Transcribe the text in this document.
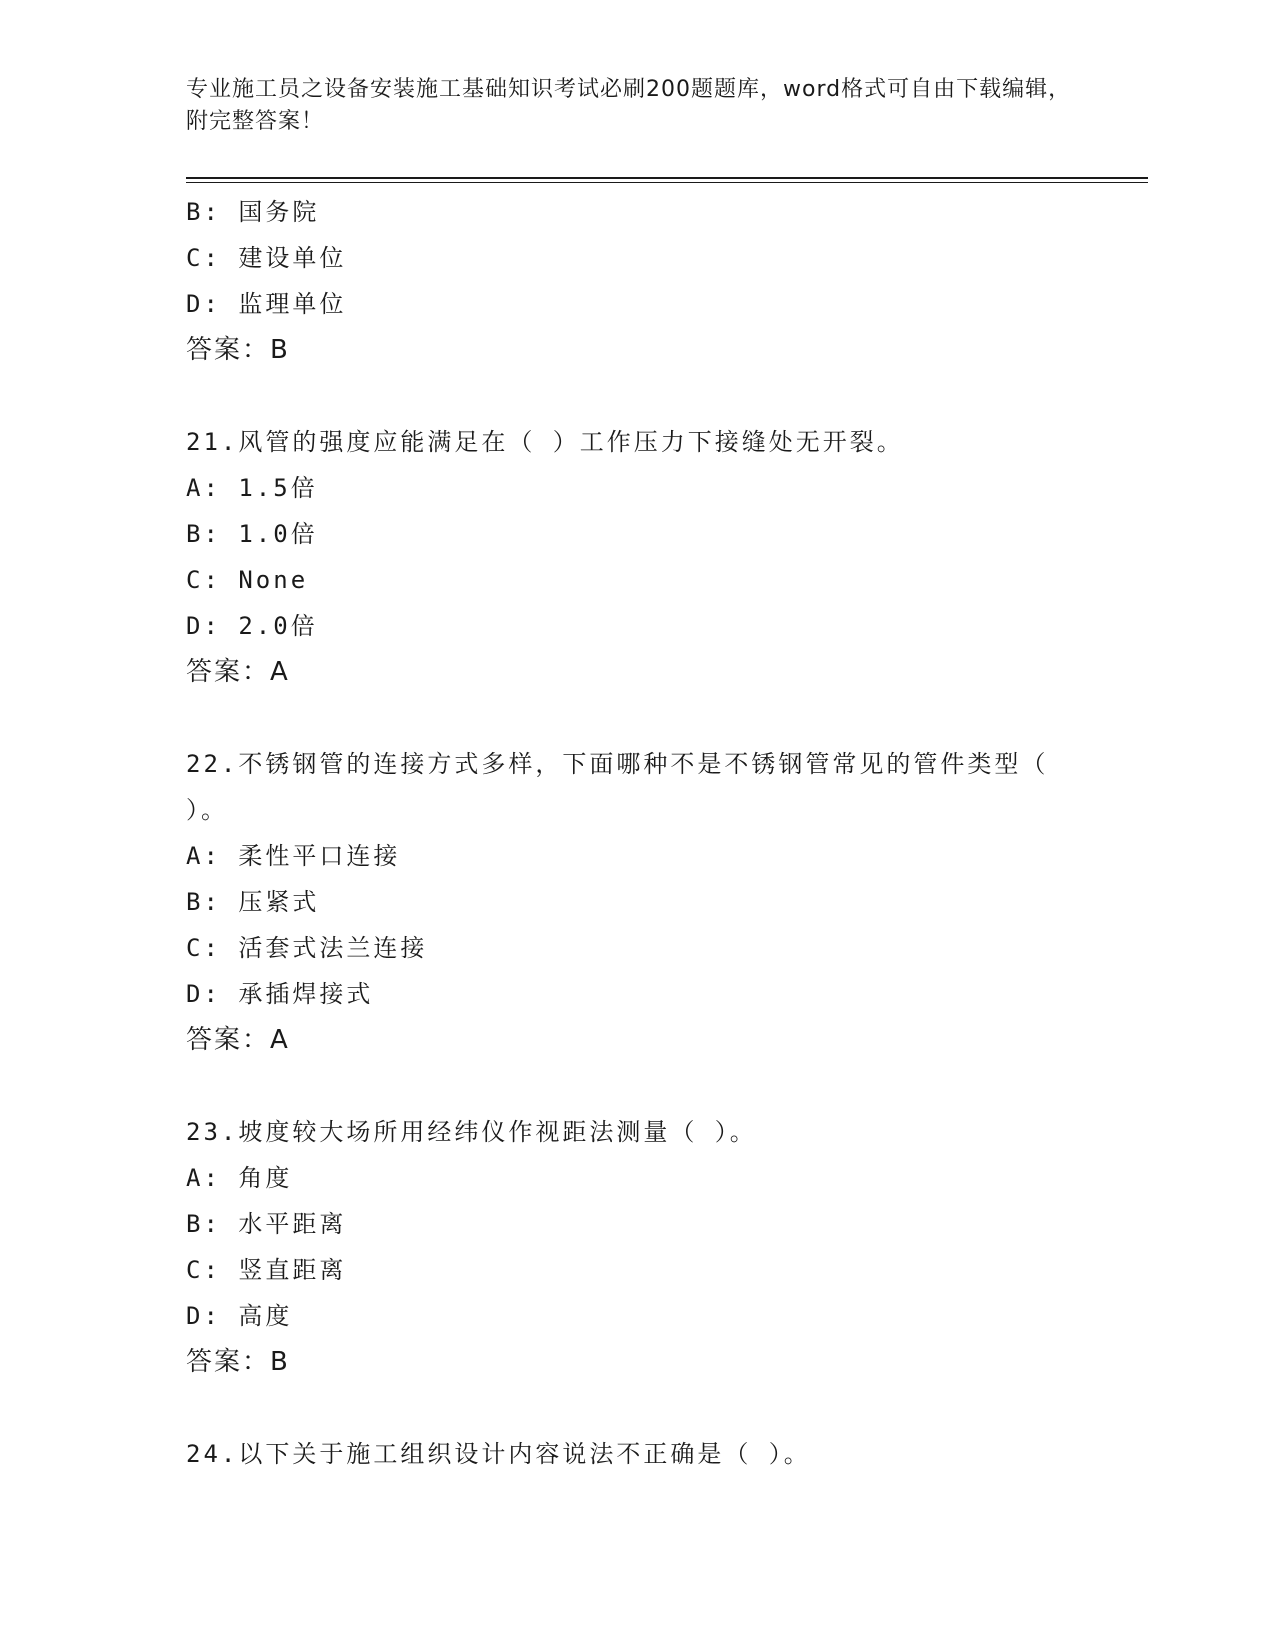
专业施工员之设备安装施工基础知识考试必刷200题题库，word格式可自由下载编辑，附完整答案！
B: 国务院
C: 建设单位
D: 监理单位
答案：B
21.风管的强度应能满足在（ ）工作压力下接缝处无开裂。
A: 1.5倍
B: 1.0倍
C: None
D: 2.0倍
答案：A
22.不锈钢管的连接方式多样，下面哪种不是不锈钢管常见的管件类型（ ）。
A: 柔性平口连接
B: 压紧式
C: 活套式法兰连接
D: 承插焊接式
答案：A
23.坡度较大场所用经纬仪作视距法测量（ ）。
A: 角度
B: 水平距离
C: 竖直距离
D: 高度
答案：B
24.以下关于施工组织设计内容说法不正确是（ ）。
